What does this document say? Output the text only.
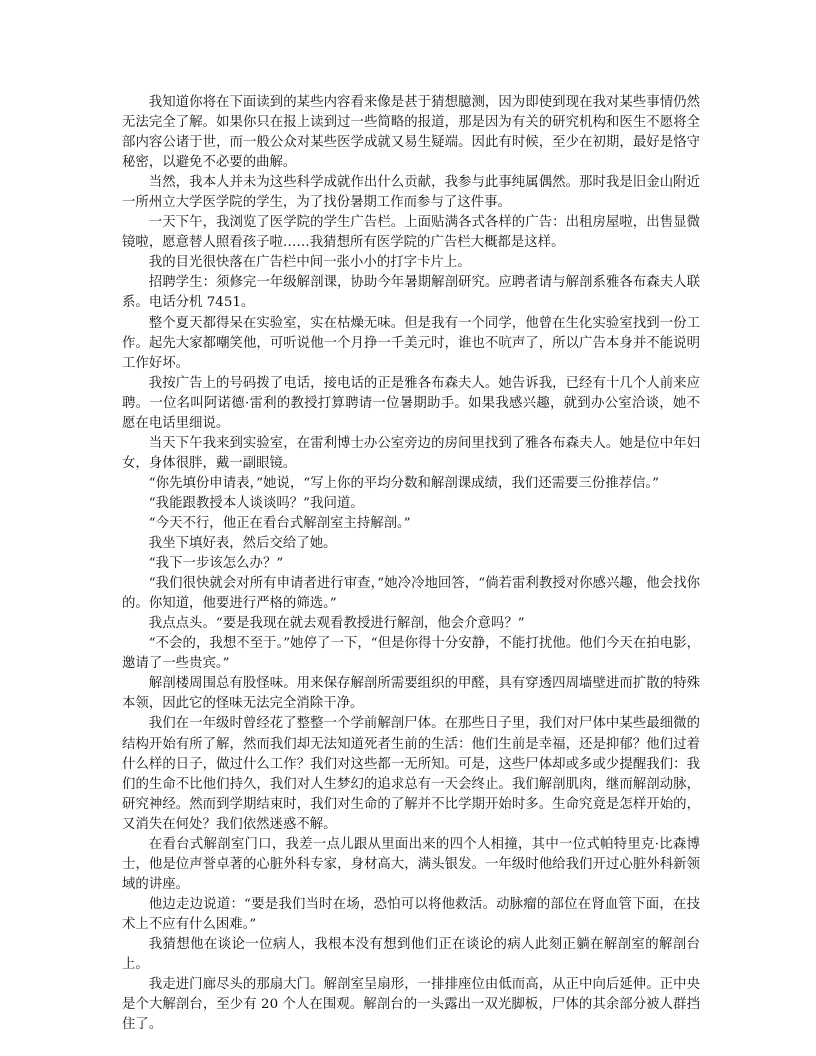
我知道你将在下面读到的某些内容看来像是甚于猜想臆测，因为即使到现在我对某些事情仍然无法完全了解。如果你只在报上读到过一些简略的报道，那是因为有关的研究机构和医生不愿将全部内容公诸于世，而一般公众对某些医学成就又易生疑端。因此有时候，至少在初期，最好是恪守秘密，以避免不必要的曲解。

当然，我本人并未为这些科学成就作出什么贡献，我参与此事纯属偶然。那时我是旧金山附近一所州立大学医学院的学生，为了找份暑期工作而参与了这件事。

一天下午，我浏览了医学院的学生广告栏。上面贴满各式各样的广告：出租房屋啦，出售显微镜啦，愿意替人照看孩子啦……我猜想所有医学院的广告栏大概都是这样。

我的目光很快落在广告栏中间一张小小的打字卡片上。

招聘学生：须修完一年级解剖课，协助今年暑期解剖研究。应聘者请与解剖系雅各布森夫人联系。电话分机 7451。

整个夏天都得呆在实验室，实在枯燥无味。但是我有一个同学，他曾在生化实验室找到一份工作。起先大家都嘲笑他，可听说他一个月挣一千美元时，谁也不吭声了，所以广告本身并不能说明工作好坏。

我按广告上的号码拨了电话，接电话的正是雅各布森夫人。她告诉我，已经有十几个人前来应聘。一位名叫阿诺德·雷利的教授打算聘请一位暑期助手。如果我感兴趣，就到办公室洽谈，她不愿在电话里细说。

当天下午我来到实验室，在雷利博士办公室旁边的房间里找到了雅各布森夫人。她是位中年妇女，身体很胖，戴一副眼镜。

“你先填份申请表，”她说，“写上你的平均分数和解剖课成绩，我们还需要三份推荐信。”

“我能跟教授本人谈谈吗？”我问道。

“今天不行，他正在看台式解剖室主持解剖。”

我坐下填好表，然后交给了她。

“我下一步该怎么办？”

“我们很快就会对所有申请者进行审查，”她冷冷地回答，“倘若雷利教授对你感兴趣，他会找你的。你知道，他要进行严格的筛选。”

我点点头。“要是我现在就去观看教授进行解剖，他会介意吗？”

“不会的，我想不至于。”她停了一下，“但是你得十分安静，不能打扰他。他们今天在拍电影，邀请了一些贵宾。”

解剖楼周围总有股怪味。用来保存解剖所需要组织的甲醛，具有穿透四周墙壁进而扩散的特殊本领，因此它的怪味无法完全消除干净。

我们在一年级时曾经花了整整一个学前解剖尸体。在那些日子里，我们对尸体中某些最细微的结构开始有所了解，然而我们却无法知道死者生前的生活：他们生前是幸福，还是抑郁？他们过着什么样的日子，做过什么工作？我们对这些都一无所知。可是，这些尸体却或多或少提醒我们：我们的生命不比他们持久，我们对人生梦幻的追求总有一天会终止。我们解剖肌肉，继而解剖动脉，研究神经。然而到学期结束时，我们对生命的了解并不比学期开始时多。生命究竟是怎样开始的，又消失在何处？我们依然迷惑不解。

在看台式解剖室门口，我差一点儿跟从里面出来的四个人相撞，其中一位式帕特里克·比森博士，他是位声誉卓著的心脏外科专家，身材高大，满头银发。一年级时他给我们开过心脏外科新领域的讲座。

他边走边说道：“要是我们当时在场，恐怕可以将他救活。动脉瘤的部位在肾血管下面，在技术上不应有什么困难。”

我猜想他在谈论一位病人，我根本没有想到他们正在谈论的病人此刻正躺在解剖室的解剖台上。

我走进门廊尽头的那扇大门。解剖室呈扇形，一排排座位由低而高，从正中向后延伸。正中央是个大解剖台，至少有 20 个人在围观。解剖台的一头露出一双光脚板，尸体的其余部分被人群挡住了。
